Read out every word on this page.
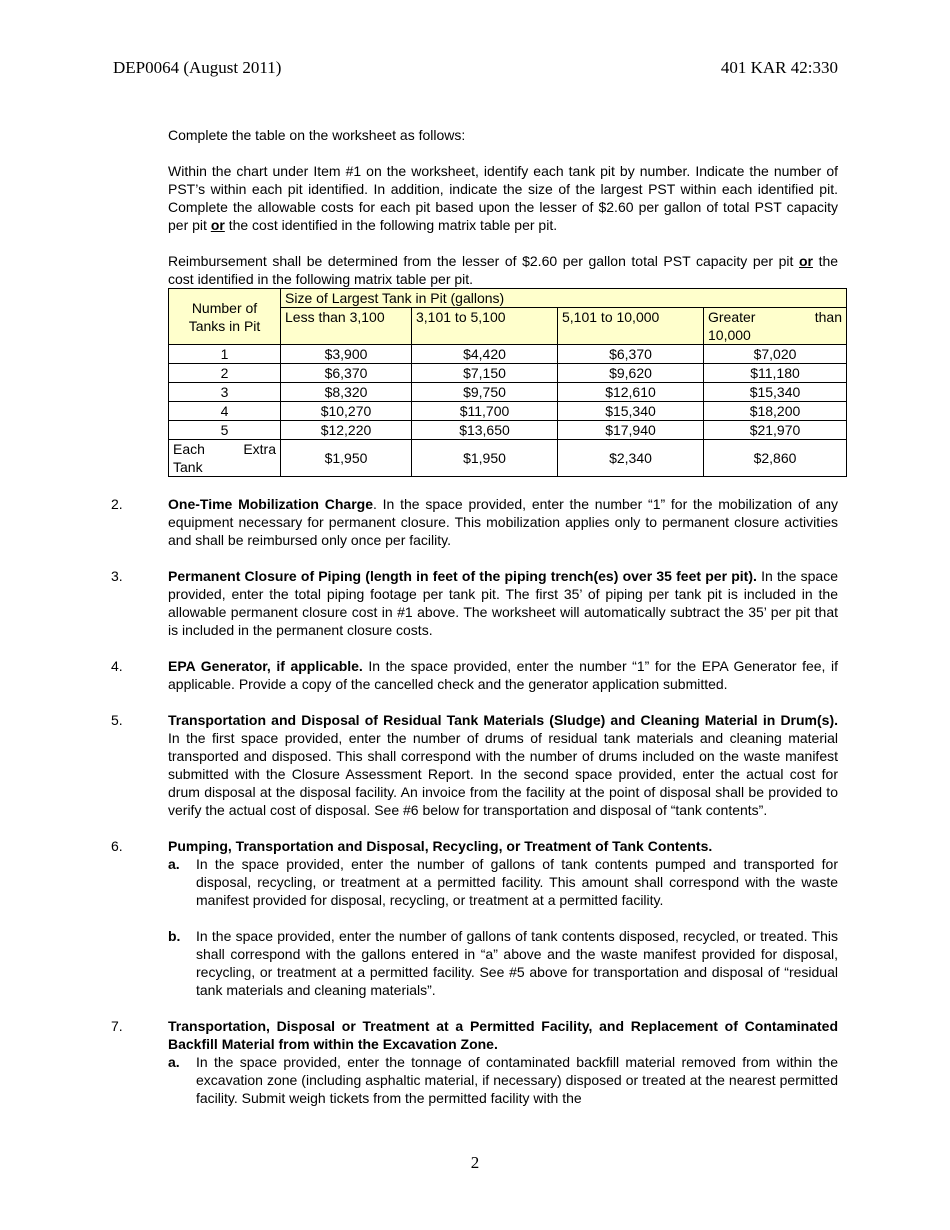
DEP0064 (August 2011)	401 KAR 42:330

Complete the table on the worksheet as follows:

Within the chart under Item #1 on the worksheet, identify each tank pit by number. Indicate the number of PST’s within each pit identified. In addition, indicate the size of the largest PST within each identified pit. Complete the allowable costs for each pit based upon the lesser of $2.60 per gallon of total PST capacity per pit or the cost identified in the following matrix table per pit.

Reimbursement shall be determined from the lesser of $2.60 per gallon total PST capacity per pit or the cost identified in the following matrix table per pit.

Number of Tanks in Pit	Size of Largest Tank in Pit (gallons)			
	Less than 3,100	3,101 to 5,100	5,101 to 10,000	Greater than
10,000

1	$3,900	$4,420	$6,370	$7,020
2	$6,370	$7,150	$9,620	$11,180
3	$8,320	$9,750	$12,610	$15,340
4	$10,270	$11,700	$15,340	$18,200
5	$12,220	$13,650	$17,940	$21,970

Each Extra
Tank	$1,950	$1,950	$2,340	$2,860
2.	One-Time Mobilization Charge. In the space provided, enter the number “1” for the mobilization of any equipment necessary for permanent closure. This mobilization applies only to permanent closure activities and shall be reimbursed only once per facility.

3.	Permanent Closure of Piping (length in feet of the piping trench(es) over 35 feet per pit). In the space provided, enter the total piping footage per tank pit. The first 35’ of piping per tank pit is included in the allowable permanent closure cost in #1 above. The worksheet will automatically subtract the 35’ per pit that is included in the permanent closure costs.

4.	EPA Generator, if applicable. In the space provided, enter the number “1” for the EPA Generator fee, if applicable. Provide a copy of the cancelled check and the generator application submitted.

5.	Transportation and Disposal of Residual Tank Materials (Sludge) and Cleaning Material in Drum(s). In the first space provided, enter the number of drums of residual tank materials and cleaning material transported and disposed. This shall correspond with the number of drums included on the waste manifest submitted with the Closure Assessment Report. In the second space provided, enter the actual cost for drum disposal at the disposal facility. An invoice from the facility at the point of disposal shall be provided to verify the actual cost of disposal. See #6 below for transportation and disposal of “tank contents”.

6.	Pumping, Transportation and Disposal, Recycling, or Treatment of Tank Contents.

a. In the space provided, enter the number of gallons of tank contents pumped and transported for disposal, recycling, or treatment at a permitted facility. This amount shall correspond with the waste manifest provided for disposal, recycling, or treatment at a permitted facility.
b. In the space provided, enter the number of gallons of tank contents disposed, recycled, or treated. This shall correspond with the gallons entered in “a” above and the waste manifest provided for disposal, recycling, or treatment at a permitted facility. See #5 above for transportation and disposal of “residual tank materials and cleaning materials”.
7.	Transportation, Disposal or Treatment at a Permitted Facility, and Replacement of Contaminated Backfill Material from within the Excavation Zone.

a. In the space provided, enter the tonnage of contaminated backfill material removed from within the excavation zone (including asphaltic material, if necessary) disposed or treated at the nearest permitted facility. Submit weigh tickets from the permitted facility with the
2
